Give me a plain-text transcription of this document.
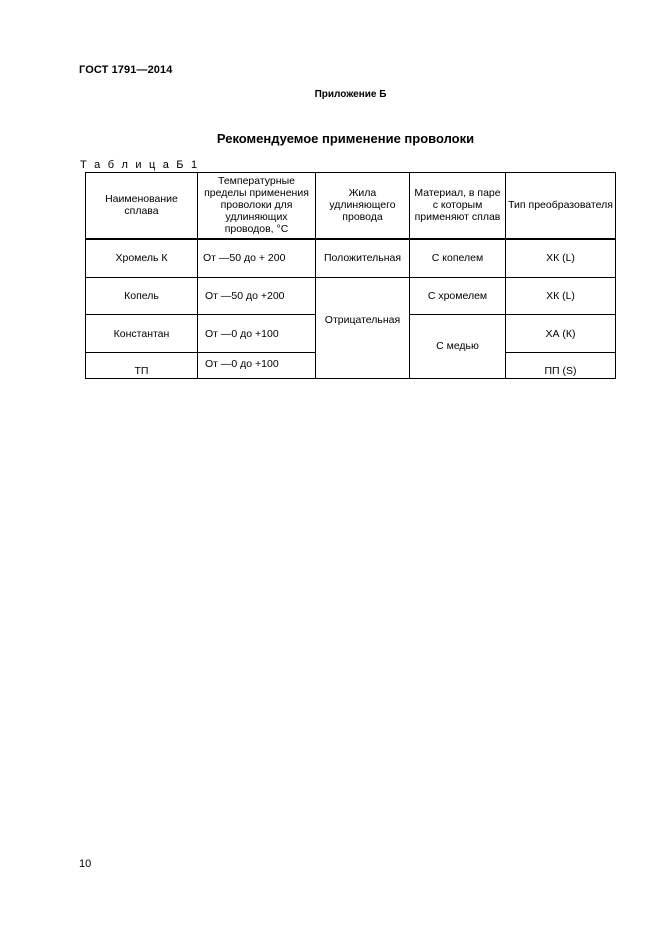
ГОСТ 1791—2014
Приложение Б
Рекомендуемое применение проволоки
Т а б л и ц а Б 1
Наименование сплава	Температурные пределы применения проволоки для удлиняющих проводов, °С	Жила удлиняющего провода	Материал, в паре с которым применяют сплав	Тип преобразователя
Хромель К	От —50 до + 200	Положительная	С копелем	ХК (L)
Копель	От —50 до +200	Отрицательная	С хромелем	ХК (L)
Константан	От —0 до +100		С медью	ХА (К)
ТП	От —0 до +100			ПП (S)
10
